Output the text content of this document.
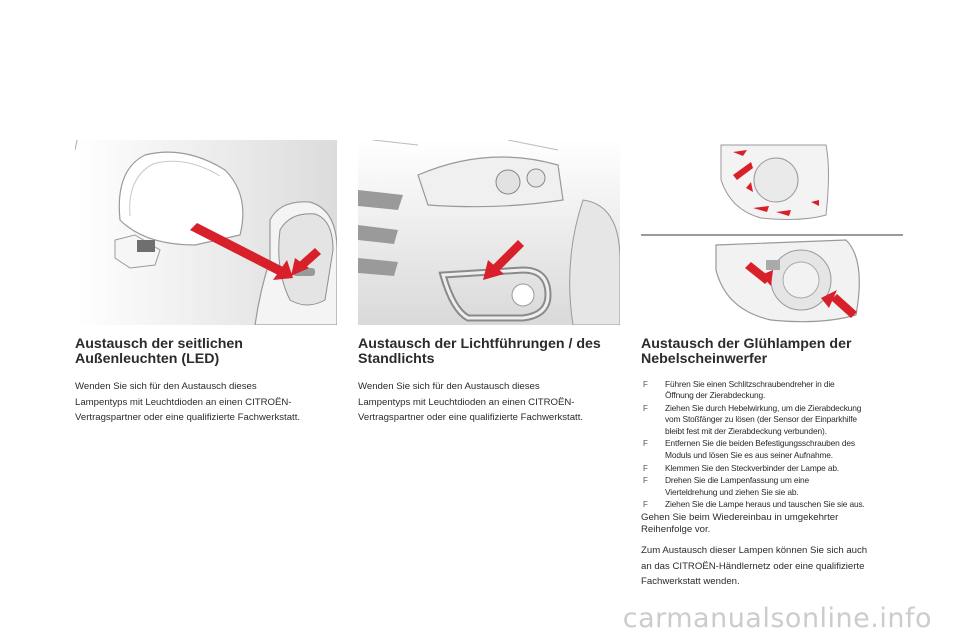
Austausch der seitlichen
Außenleuchten (LED)

Wenden Sie sich für den Austausch dieses
Lampentyps mit Leuchtdioden an einen CITROËN-
Vertragspartner oder eine qualifizierte Fachwerkstatt.

Austausch der Lichtführungen / des
Standlichts

Wenden Sie sich für den Austausch dieses
Lampentyps mit Leuchtdioden an einen CITROËN-
Vertragspartner oder eine qualifizierte Fachwerkstatt.

Austausch der Glühlampen der
Nebelscheinwerfer
F Führen Sie einen Schlitzschraubendreher in die
Öffnung der Zierabdeckung.
F Ziehen Sie durch Hebelwirkung, um die Zierabdeckung
vom Stoßfänger zu lösen (der Sensor der Einparkhilfe
bleibt fest mit der Zierabdeckung verbunden).
F Entfernen Sie die beiden Befestigungsschrauben des
Moduls und lösen Sie es aus seiner Aufnahme.
F Klemmen Sie den Steckverbinder der Lampe ab.
F Drehen Sie die Lampenfassung um eine
Vierteldrehung und ziehen Sie sie ab.
F Ziehen Sie die Lampe heraus und tauschen Sie sie aus.

Gehen Sie beim Wiedereinbau in umgekehrter
Reihenfolge vor.

Zum Austausch dieser Lampen können Sie sich auch
an das CITROËN-Händlernetz oder eine qualifizierte
Fachwerkstatt wenden.

carmanualsonline.info
